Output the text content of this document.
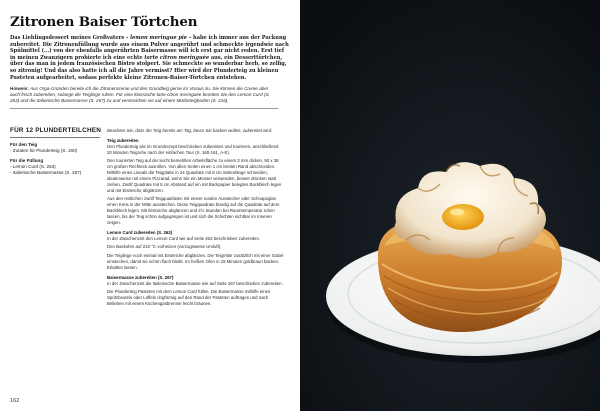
Zitronen Baiser Törtchen

Das Lieblingsdessert meines Großvaters – lemon meringue pie – habe ich immer aus der Packung zubereitet. Die Zitronenfüllung wurde aus einem Pulver angerührt und schmeckte irgendwie nach Spülmittel (...) von der ebenfalls angerührten Baisermasse will ich erst gar nicht reden. Erst tief in meinen Zwanzigern probierte ich eine echte tarte citron meringuée aus, ein Desserttörtchen, über das man in jedem französischen Bistro stolpert. Sie schmeckte so wunderbar herb, so zelfig, so zitronig! Und das also hatte ich all die Jahre vermisst? Hier wird der Plunderteig zu kleinen Pasteten aufgearbeitet, sodass perfekte kleine Zitronen-Baiser-Törtchen entstehen.

Hinweis: Aus Orga-Gründen bereite ich die Zitronencreme und den Grundteig gerne im Voraus zu. Sie können die Creme aber auch frisch zubereiten, solange die Teiglinge ruhen. Für eine klassische tarte citron meringuée bereiten Sie den Lemon Curd (S. 263) und die Italienische Baisermasse (S. 267) zu und verstreichen sie auf einem Mürbeteigboden (S. 216).
FÜR 12 PLUNDERTEILCHEN
Für den Teig
- Zutaten für Plunderteig (S. 160)
Für die Füllung
- Lemon Curd (S. 263)
- Italienische Baisermasse (S. 267)
Beachten Sie, dass der Teig bereits am Tag, bevor Sie backen wollen, zubereitet wird.
Teig zubereiten

Den Plunderteig wie im Grundrezept beschrieben zubereiten und tourieren, anschließend 20 Minuten Teigruhe nach der einfachen Tour (S. 160-161, A-E).

Den tourierten Teig auf der leicht bemehlten Arbeitsfläche zu einem 3 mm dicken, 50 x 38 cm großen Rechteck ausrollen. Von allen Seiten einen 1 cm breiten Rand abschneiden. Mithilfe eines Lineals die Teigplatte in 24 Quadrate mit 8 cm Seitenlänge schneiden, idealerweise mit einem Pizzarad, wenn Sie ein Messer verwenden, besser drücken statt ziehen. Zwölf Quadrate mit 5 cm Abstand auf ein mit Backpapier belegtes Backblech legen und mit Eistreiche abglänzen.

Aus den restlichen zwölf Teigquadraten mit einem runden Ausstecher oder Schnapsglas einen Kreis in der Mitte ausstechen. Diese Teigquadrate bündig auf die Quadrate auf dem Backblech legen. Mit Eistreiche abglänzen und 2½ Stunden bei Raumtemperatur ruhen lassen, bis der Teig schön aufgegangen ist und sich die Schichten sichtbar im Inneren zeigen.

Lemon Curd zubereiten (S. 263)

In der Zwischenzeit den Lemon Curd wie auf Seite 263 beschrieben zubereiten.

Den Backofen auf 210 °C vorheizen (vorzugsweise Umluft).

Die Teiglinge noch einmal mit Eistreiche abglänzen. Die Teigmitte zusätzlich mit einer Gabel einstechen, damit sie schön flach bleibt. Im heißen Ofen in 15 Minuten goldbraun backen. Erkalten lassen.

Baisermasse zubereiten (S. 267)

In der Zwischenzeit die Italienische Baisermasse wie auf Seite 267 beschrieben zubereiten.

Die Plunderteig Pasteten mit dem Lemon Curd füllen. Die Baisermasse mithilfe eines Spritzbeutels oder Löffels ringförmig auf den Rand der Pasteten auftragen und nach Belieben mit einem Küchengasbrenner leicht bräunen.

162
